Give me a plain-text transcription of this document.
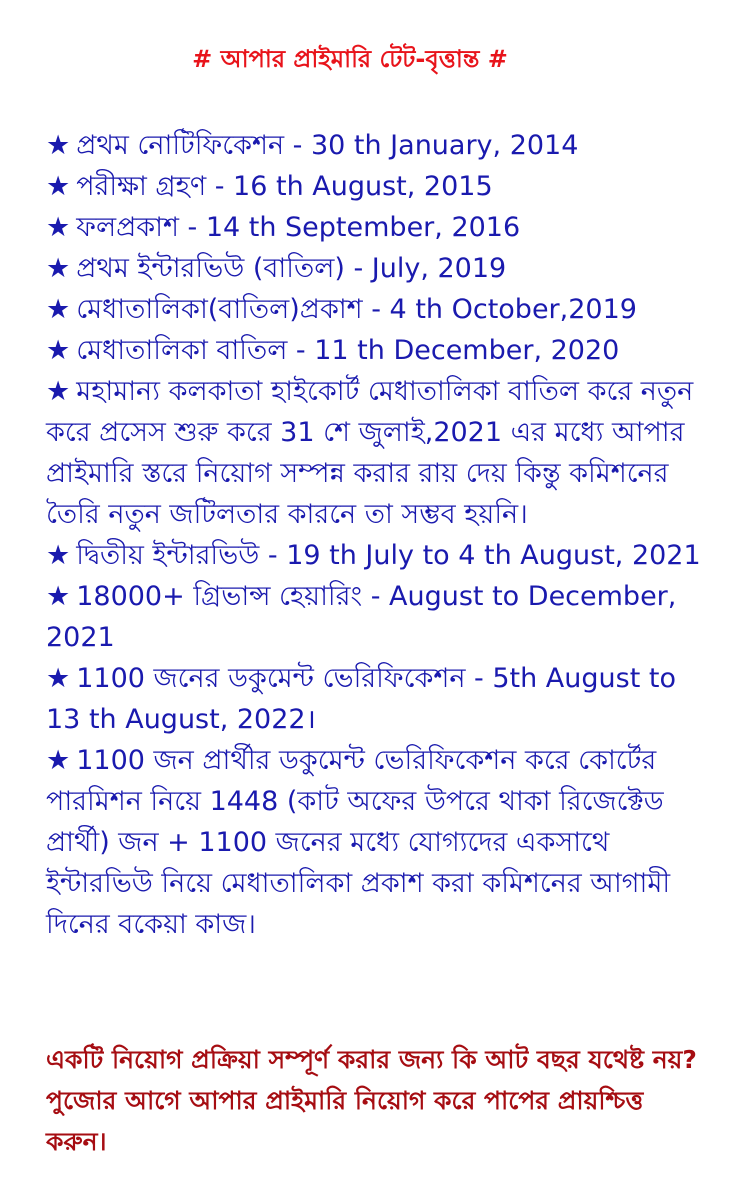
# আপার প্রাইমারি টেট-বৃত্তান্ত #
★ প্রথম নোটিফিকেশন - 30 th January, 2014
★ পরীক্ষা গ্রহণ - 16 th August, 2015
★ ফলপ্রকাশ - 14 th September, 2016
★ প্রথম ইন্টারভিউ (বাতিল) - July, 2019
★ মেধাতালিকা(বাতিল)প্রকাশ - 4 th October,2019
★ মেধাতালিকা বাতিল - 11 th December, 2020
★ মহামান্য কলকাতা হাইকোর্ট মেধাতালিকা বাতিল করে নতুন করে প্রসেস শুরু করে 31 শে জুলাই,2021 এর মধ্যে আপার প্রাইমারি স্তরে নিয়োগ সম্পন্ন করার রায় দেয় কিন্তু কমিশনের তৈরি নতুন জটিলতার কারনে তা সম্ভব হয়নি।
★ দ্বিতীয় ইন্টারভিউ - 19 th July to 4 th August, 2021
★ 18000+ গ্রিভান্স হেয়ারিং - August to December, 2021
★ 1100 জনের ডকুমেন্ট ভেরিফিকেশন - 5th August to 13 th August, 2022।
★ 1100 জন প্রার্থীর ডকুমেন্ট ভেরিফিকেশন করে কোর্টের পারমিশন নিয়ে 1448 (কাট অফের উপরে থাকা রিজেক্টেড প্রার্থী) জন + 1100 জনের মধ্যে যোগ্যদের একসাথে ইন্টারভিউ নিয়ে মেধাতালিকা প্রকাশ করা কমিশনের আগামী দিনের বকেয়া কাজ।
একটি নিয়োগ প্রক্রিয়া সম্পূর্ণ করার জন্য কি আট বছর যথেষ্ট নয়? পুজোর আগে আপার প্রাইমারি নিয়োগ করে পাপের প্রায়শ্চিত্ত করুন।
